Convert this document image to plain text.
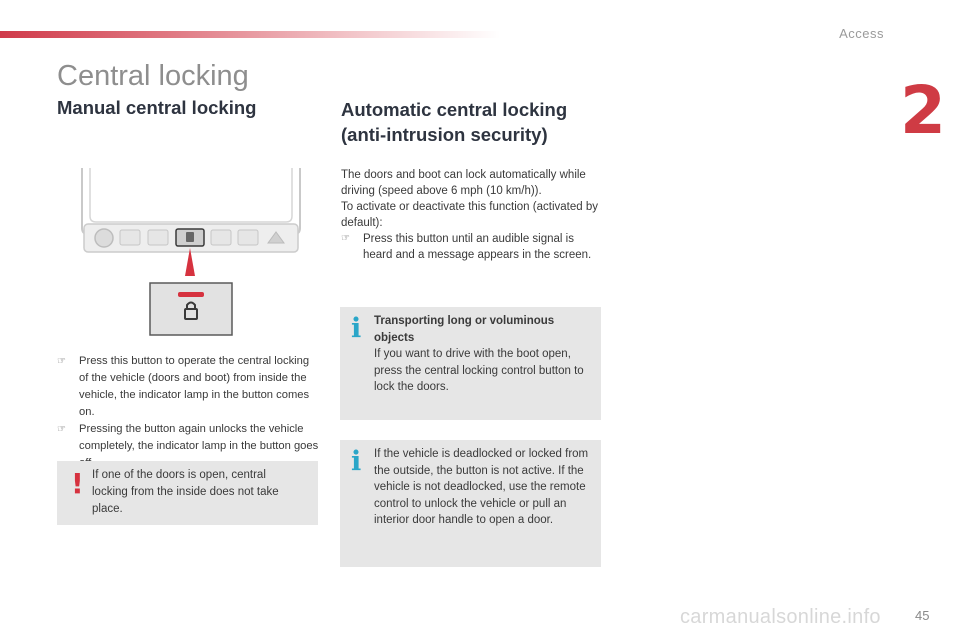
Access
2
Central locking
Manual central locking	Automatic central locking
(anti-intrusion security)
☞	Press this button to operate the central locking of the vehicle (doors and boot) from inside the vehicle, the indicator lamp in the button comes on.
☞	Pressing the button again unlocks the vehicle completely, the indicator lamp in the button goes
! If one of the doors is open, central locking from the inside does not take place.

The doors and boot can lock automatically while driving (speed above 6 mph (10 km/h)).

To activate or deactivate this function (activated by default):

☞	Press this button until an audible signal is heard and a message appears in the screen.
i Transporting long or voluminous objects
If you want to drive with the boot open, press the central locking control button to lock the doors.
i If the vehicle is deadlocked or locked from the outside, the button is not active. If the vehicle is not deadlocked, use the remote control to unlock the vehicle or pull an interior door handle to open a door.
carmanualsonline.info	45
